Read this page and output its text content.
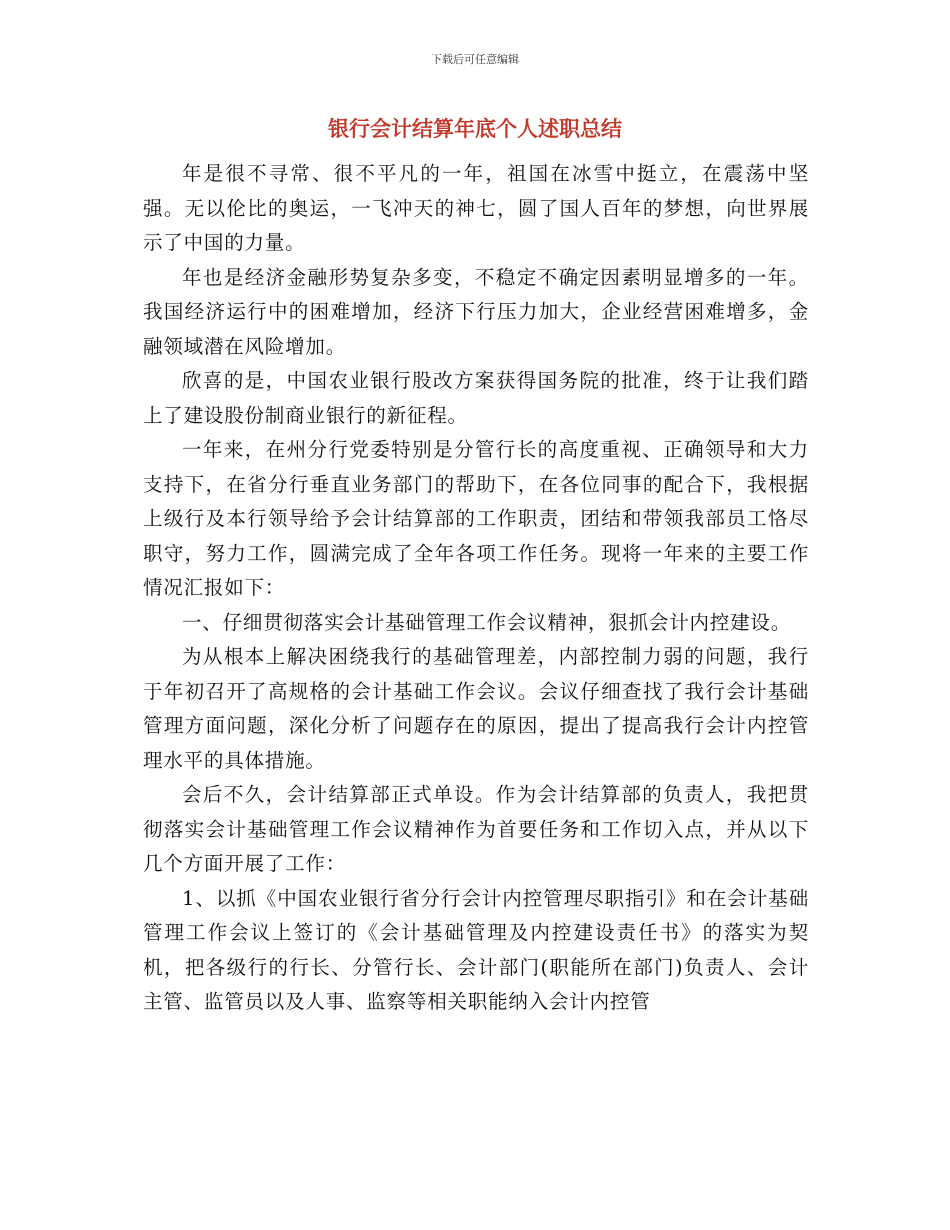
下载后可任意编辑
银行会计结算年底个人述职总结

年是很不寻常、很不平凡的一年，祖国在冰雪中挺立，在震荡中坚强。无以伦比的奥运，一飞冲天的神七，圆了国人百年的梦想，向世界展示了中国的力量。

年也是经济金融形势复杂多变，不稳定不确定因素明显增多的一年。我国经济运行中的困难增加，经济下行压力加大，企业经营困难增多，金融领域潜在风险增加。

欣喜的是，中国农业银行股改方案获得国务院的批准，终于让我们踏上了建设股份制商业银行的新征程。

一年来，在州分行党委特别是分管行长的高度重视、正确领导和大力支持下，在省分行垂直业务部门的帮助下，在各位同事的配合下，我根据上级行及本行领导给予会计结算部的工作职责，团结和带领我部员工恪尽职守，努力工作，圆满完成了全年各项工作任务。现将一年来的主要工作情况汇报如下：

一、仔细贯彻落实会计基础管理工作会议精神，狠抓会计内控建设。

为从根本上解决困绕我行的基础管理差，内部控制力弱的问题，我行于年初召开了高规格的会计基础工作会议。会议仔细查找了我行会计基础管理方面问题，深化分析了问题存在的原因，提出了提高我行会计内控管理水平的具体措施。

会后不久，会计结算部正式单设。作为会计结算部的负责人，我把贯彻落实会计基础管理工作会议精神作为首要任务和工作切入点，并从以下几个方面开展了工作：

1、以抓《中国农业银行省分行会计内控管理尽职指引》和在会计基础管理工作会议上签订的《会计基础管理及内控建设责任书》的落实为契机，把各级行的行长、分管行长、会计部门(职能所在部门)负责人、会计主管、监管员以及人事、监察等相关职能纳入会计内控管
